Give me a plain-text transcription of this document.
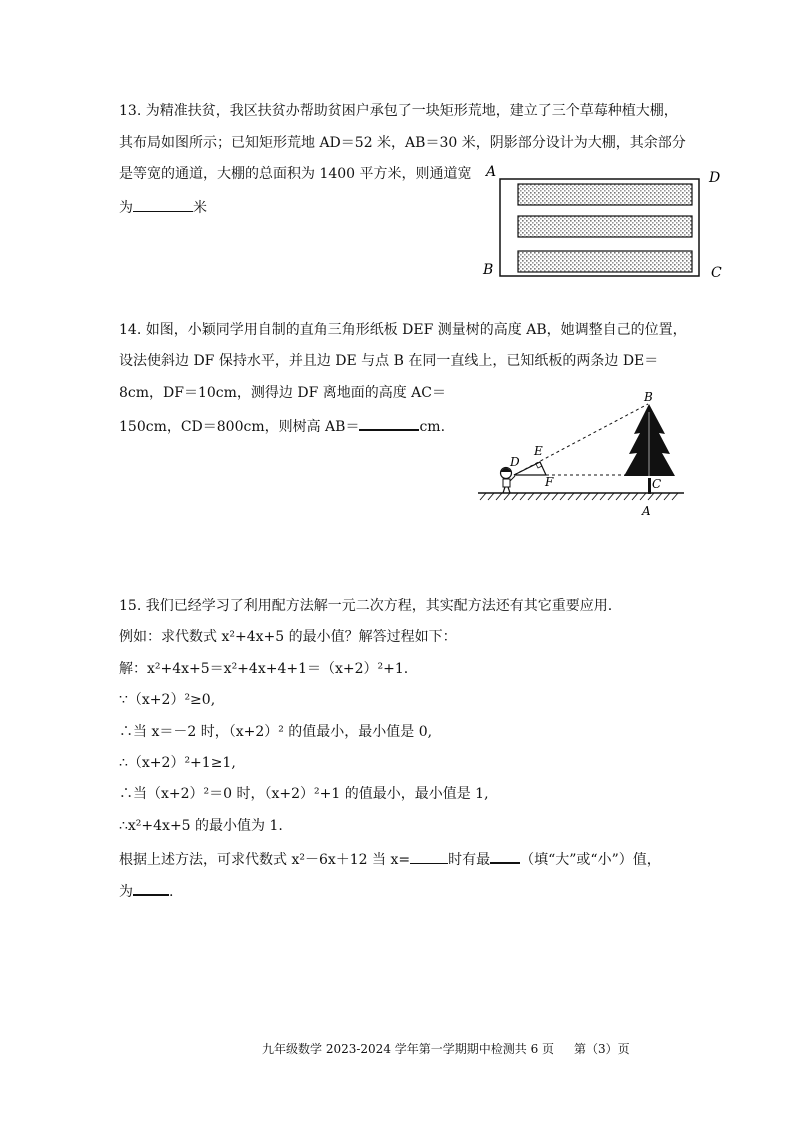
13. 为精准扶贫，我区扶贫办帮助贫困户承包了一块矩形荒地，建立了三个草莓种植大棚，
其布局如图所示；已知矩形荒地 AD＝52 米，AB＝30 米，阴影部分设计为大棚，其余部分
是等宽的通道，大棚的总面积为 1400 平方米，则通道宽
为	米
A	D
B	C
14. 如图，小颖同学用自制的直角三角形纸板 DEF 测量树的高度 AB，她调整自己的位置，
设法使斜边 DF 保持水平，并且边 DE 与点 B 在同一直线上，已知纸板的两条边 DE＝
8cm，DF＝10cm，测得边 DF 离地面的高度 AC＝
150cm，CD＝800cm，则树高 AB＝	cm.
B
E
D
F	C
A
15. 我们已经学习了利用配方法解一元二次方程，其实配方法还有其它重要应用.
例如：求代数式 x²+4x+5 的最小值？解答过程如下：
解：x²+4x+5＝x²+4x+4+1＝（x+2）²+1.
∵（x+2）²≥0,
∴当 x＝－2 时，（x+2）² 的值最小，最小值是 0,
∴（x+2）²+1≥1,
∴当（x+2）²＝0 时，（x+2）²+1 的值最小，最小值是 1,
∴x²+4x+5 的最小值为 1.
根据上述方法，可求代数式 x²－6x＋12 当 x=	时有最 （填“大”或“小”）值，
为	.
九年级数学 2023-2024 学年第一学期期中检测共 6 页 第（3）页
